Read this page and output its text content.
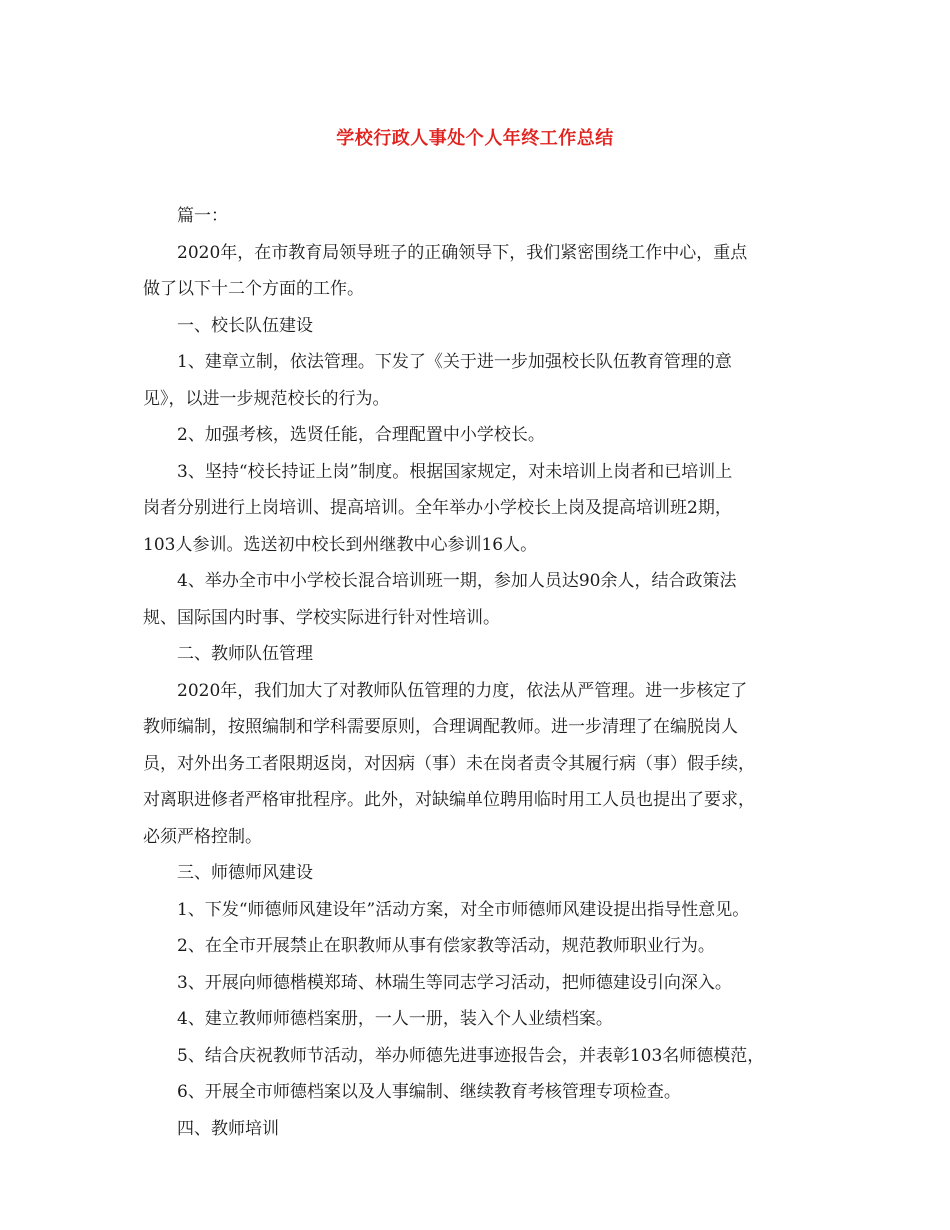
学校行政人事处个人年终工作总结

篇一：

2020年，在市教育局领导班子的正确领导下，我们紧密围绕工作中心，重点

做了以下十二个方面的工作。

一、校长队伍建设

1、建章立制，依法管理。下发了《关于进一步加强校长队伍教育管理的意

见》，以进一步规范校长的行为。

2、加强考核，选贤任能，合理配置中小学校长。

3、坚持“校长持证上岗”制度。根据国家规定，对未培训上岗者和已培训上

岗者分别进行上岗培训、提高培训。全年举办小学校长上岗及提高培训班2期，

103人参训。选送初中校长到州继教中心参训16人。

4、举办全市中小学校长混合培训班一期，参加人员达90余人，结合政策法

规、国际国内时事、学校实际进行针对性培训。

二、教师队伍管理

2020年，我们加大了对教师队伍管理的力度，依法从严管理。进一步核定了

教师编制，按照编制和学科需要原则，合理调配教师。进一步清理了在编脱岗人

员，对外出务工者限期返岗，对因病（事）未在岗者责令其履行病（事）假手续，

对离职进修者严格审批程序。此外，对缺编单位聘用临时用工人员也提出了要求，

必须严格控制。

三、师德师风建设

1、下发“师德师风建设年”活动方案，对全市师德师风建设提出指导性意见。

2、在全市开展禁止在职教师从事有偿家教等活动，规范教师职业行为。

3、开展向师德楷模郑琦、林瑞生等同志学习活动，把师德建设引向深入。

4、建立教师师德档案册，一人一册，装入个人业绩档案。

5、结合庆祝教师节活动，举办师德先进事迹报告会，并表彰103名师德模范，

6、开展全市师德档案以及人事编制、继续教育考核管理专项检查。

四、教师培训
